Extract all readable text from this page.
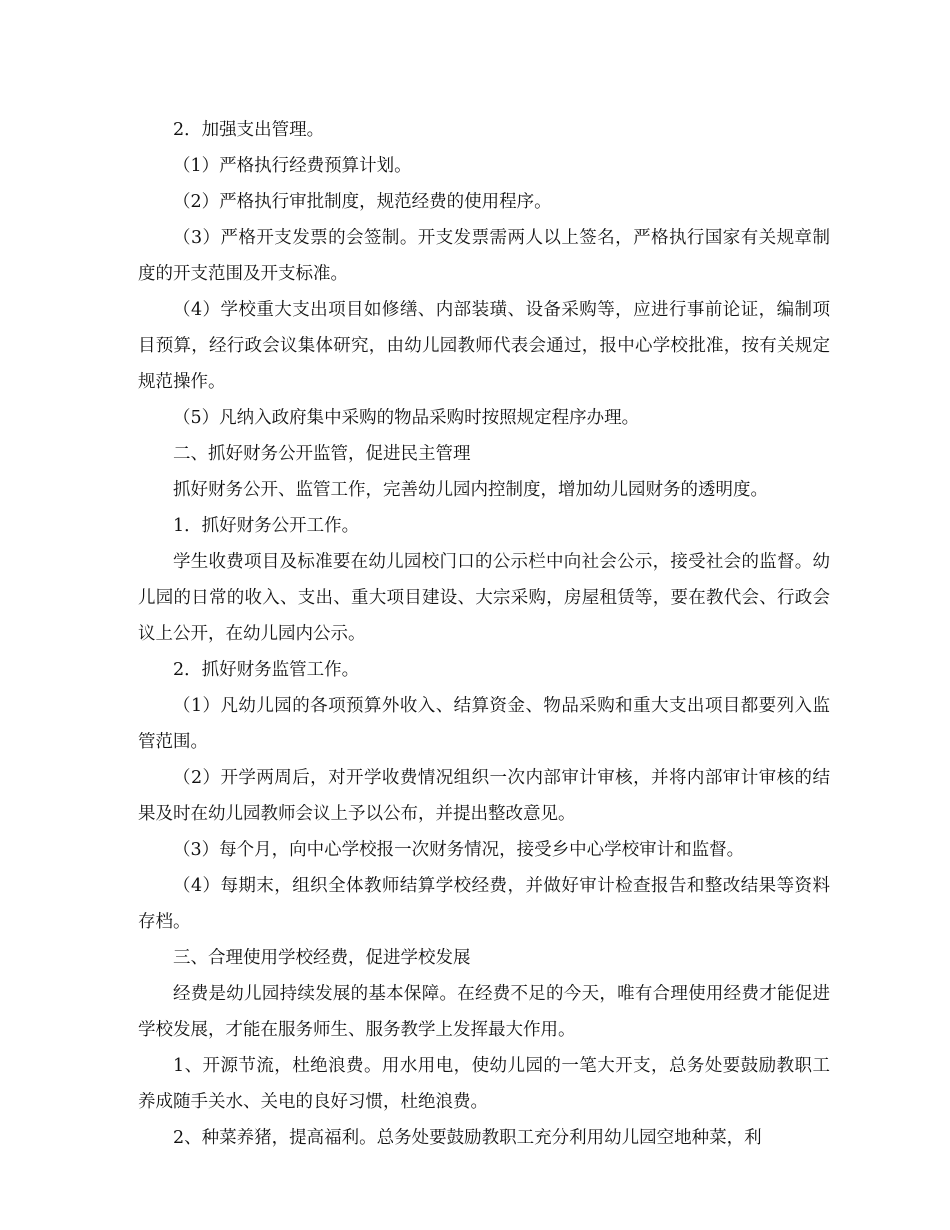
2．加强支出管理。

（1）严格执行经费预算计划。

（2）严格执行审批制度，规范经费的使用程序。

（3）严格开支发票的会签制。开支发票需两人以上签名，严格执行国家有关规章制度的开支范围及开支标准。

（4）学校重大支出项目如修缮、内部装璜、设备采购等，应进行事前论证，编制项目预算，经行政会议集体研究，由幼儿园教师代表会通过，报中心学校批准，按有关规定规范操作。

（5）凡纳入政府集中采购的物品采购时按照规定程序办理。

二、抓好财务公开监管，促进民主管理

抓好财务公开、监管工作，完善幼儿园内控制度，增加幼儿园财务的透明度。

1．抓好财务公开工作。

学生收费项目及标准要在幼儿园校门口的公示栏中向社会公示，接受社会的监督。幼儿园的日常的收入、支出、重大项目建设、大宗采购，房屋租赁等，要在教代会、行政会议上公开，在幼儿园内公示。

2．抓好财务监管工作。

（1）凡幼儿园的各项预算外收入、结算资金、物品采购和重大支出项目都要列入监管范围。

（2）开学两周后，对开学收费情况组织一次内部审计审核，并将内部审计审核的结果及时在幼儿园教师会议上予以公布，并提出整改意见。

（3）每个月，向中心学校报一次财务情况，接受乡中心学校审计和监督。

（4）每期末，组织全体教师结算学校经费，并做好审计检查报告和整改结果等资料存档。

三、合理使用学校经费，促进学校发展

经费是幼儿园持续发展的基本保障。在经费不足的今天，唯有合理使用经费才能促进学校发展，才能在服务师生、服务教学上发挥最大作用。

1、开源节流，杜绝浪费。用水用电，使幼儿园的一笔大开支，总务处要鼓励教职工养成随手关水、关电的良好习惯，杜绝浪费。

2、种菜养猪，提高福利。总务处要鼓励教职工充分利用幼儿园空地种菜，利
